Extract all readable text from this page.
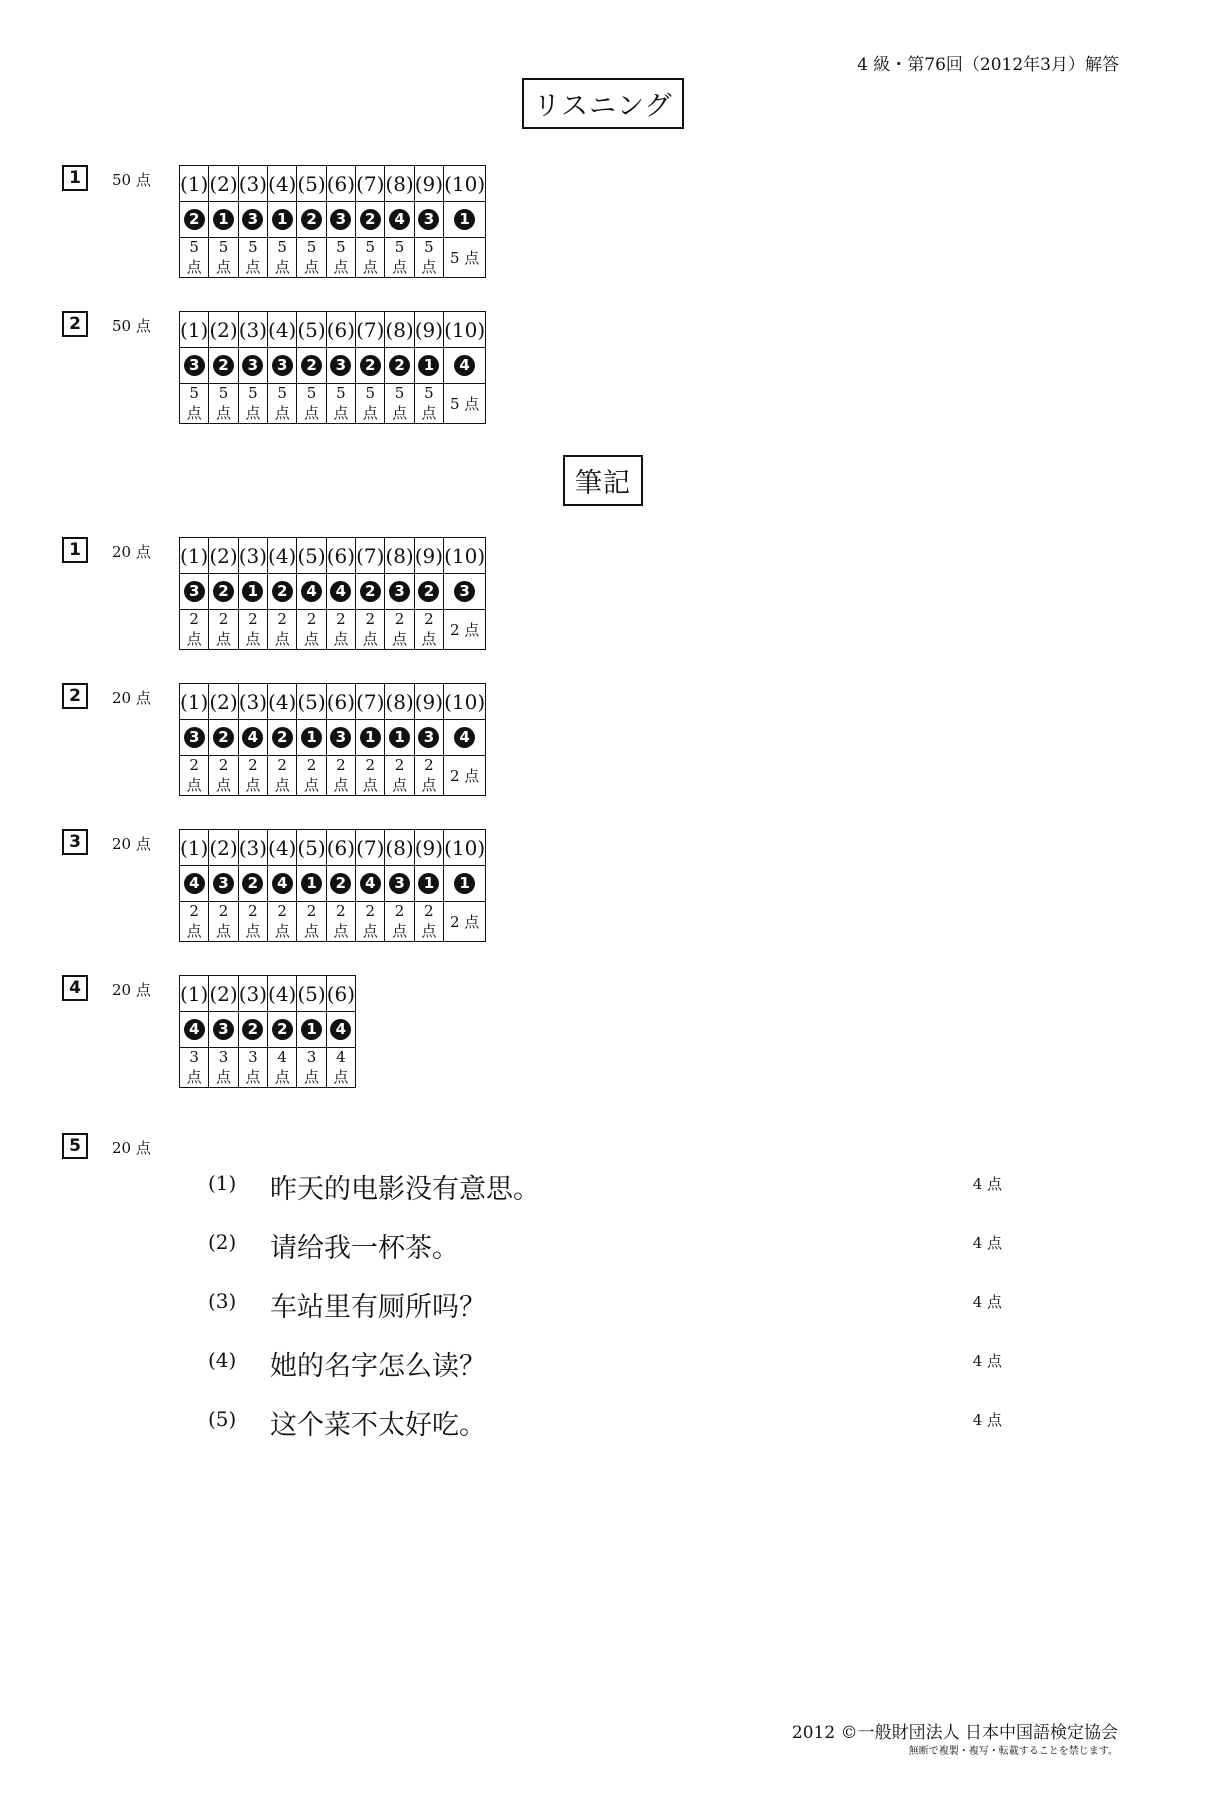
4 級・第76回（2012年3月）解答
リスニング
1	50 点 (1)	(2)	(3)	(4)	(5)	(6)	(7)	(8)	(9)	(10)
2	1	3	1	2	3	2	4	3	1
5 点	5 点	5 点	5 点	5 点	5 点	5 点	5 点	5 点	5 点
2	50 点 (1)	(2)	(3)	(4)	(5)	(6)	(7)	(8)	(9)	(10)
3	2	3	3	2	3	2	2	1	4
5 点	5 点	5 点	5 点	5 点	5 点	5 点	5 点	5 点	5 点
筆記
1	20 点 (1)	(2)	(3)	(4)	(5)	(6)	(7)	(8)	(9)	(10)
3	2	1	2	4	4	2	3	2	3
2 点	2 点	2 点	2 点	2 点	2 点	2 点	2 点	2 点	2 点
2	20 点 (1)	(2)	(3)	(4)	(5)	(6)	(7)	(8)	(9)	(10)
3	2	4	2	1	3	1	1	3	4
2 点	2 点	2 点	2 点	2 点	2 点	2 点	2 点	2 点	2 点
3	20 点 (1)	(2)	(3)	(4)	(5)	(6)	(7)	(8)	(9)	(10)
4	3	2	4	1	2	4	3	1	1
2 点	2 点	2 点	2 点	2 点	2 点	2 点	2 点	2 点	2 点
4	20 点 (1)	(2)	(3)	(4)	(5)	(6)
4	3	2	2	1	4
3 点	3 点	3 点	4 点	3 点	4 点
5	20 点
(1) 昨天的电影没有意思。	4 点
(2) 请给我一杯茶。	4 点
(3) 车站里有厕所吗？	4 点
(4) 她的名字怎么读？	4 点
(5) 这个菜不太好吃。	4 点
2012 ©一般財団法人 日本中国語検定協会
無断で複製・複写・転載することを禁じます。
